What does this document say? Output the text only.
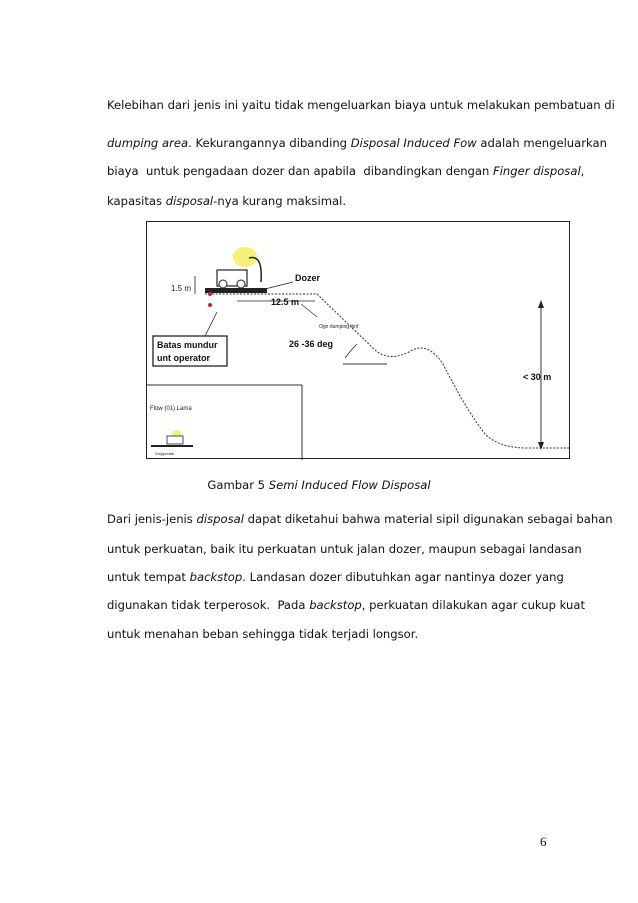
Kelebihan dari jenis ini yaitu tidak mengeluarkan biaya untuk melakukan pembatuan di
dumping area. Kekurangannya dibanding Disposal Induced Fow adalah mengeluarkan
biaya  untuk pengadaan dozer dan apabila  dibandingkan dengan Finger disposal,
kapasitas disposal-nya kurang maksimal.
1.5 m
Dozer
12.5 m
Ogn dumping lbnf
Batas mundur
unt operator
26 -36 deg
< 30 m
Flow (01) Lama
Smypndah
Gambar 5 Semi Induced Flow Disposal
Dari jenis-jenis disposal dapat diketahui bahwa material sipil digunakan sebagai bahan
untuk perkuatan, baik itu perkuatan untuk jalan dozer, maupun sebagai landasan
untuk tempat backstop. Landasan dozer dibutuhkan agar nantinya dozer yang
digunakan tidak terperosok.  Pada backstop, perkuatan dilakukan agar cukup kuat
untuk menahan beban sehingga tidak terjadi longsor.
6
